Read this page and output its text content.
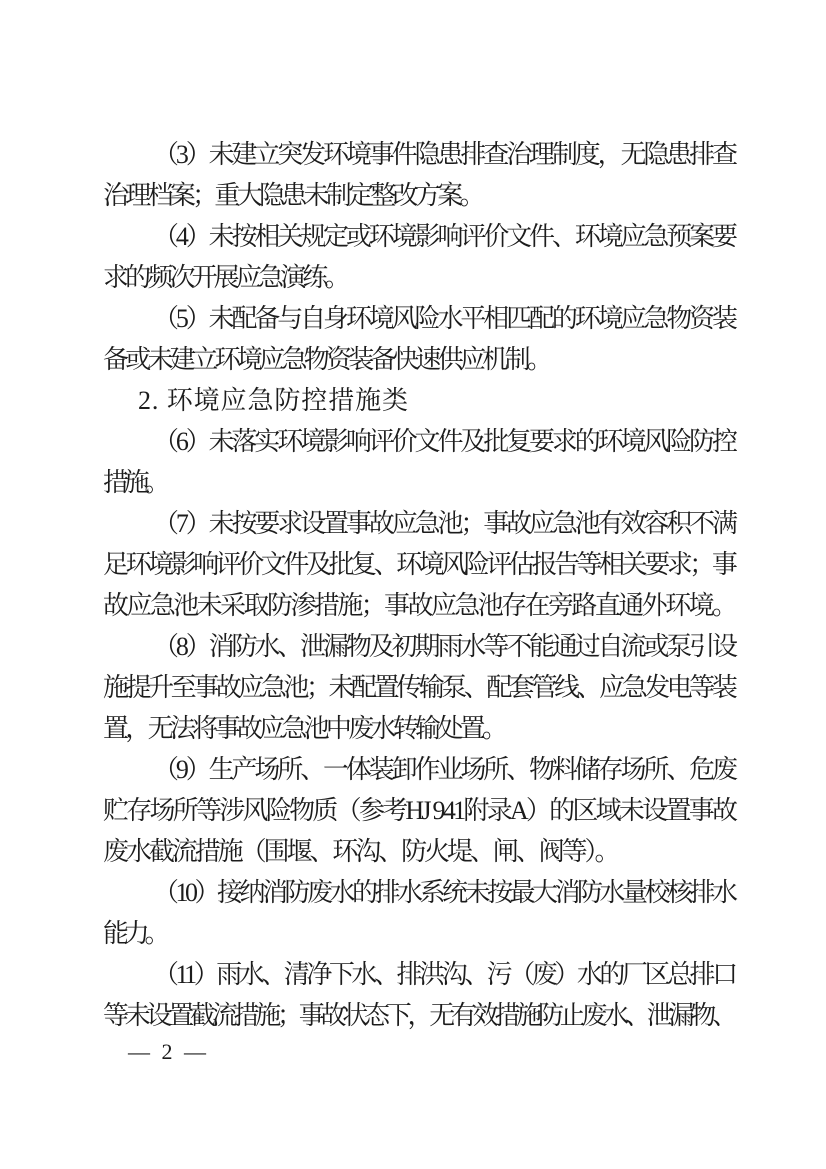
（3）未建立突发环境事件隐患排查治理制度，无隐患排查
治理档案；重大隐患未制定整改方案。
（4）未按相关规定或环境影响评价文件、环境应急预案要
求的频次开展应急演练。
（5）未配备与自身环境风险水平相匹配的环境应急物资装
备或未建立环境应急物资装备快速供应机制。
2. 环境应急防控措施类
（6）未落实环境影响评价文件及批复要求的环境风险防控
措施。
（7）未按要求设置事故应急池；事故应急池有效容积不满
足环境影响评价文件及批复、环境风险评估报告等相关要求；事
故应急池未采取防渗措施；事故应急池存在旁路直通外环境。
（8）消防水、泄漏物及初期雨水等不能通过自流或泵引设
施提升至事故应急池；未配置传输泵、配套管线、应急发电等装
置，无法将事故应急池中废水转输处置。
（9）生产场所、一体装卸作业场所、物料储存场所、危废
贮存场所等涉风险物质（参考HJ 941附录A）的区域未设置事故
废水截流措施（围堰、环沟、防火堤、闸、阀等）。
（10）接纳消防废水的排水系统未按最大消防水量校核排水
能力。
（11）雨水、清净下水、排洪沟、污（废）水的厂区总排口
等未设置截流措施；事故状态下，无有效措施防止废水、泄漏物、
— 2 —
